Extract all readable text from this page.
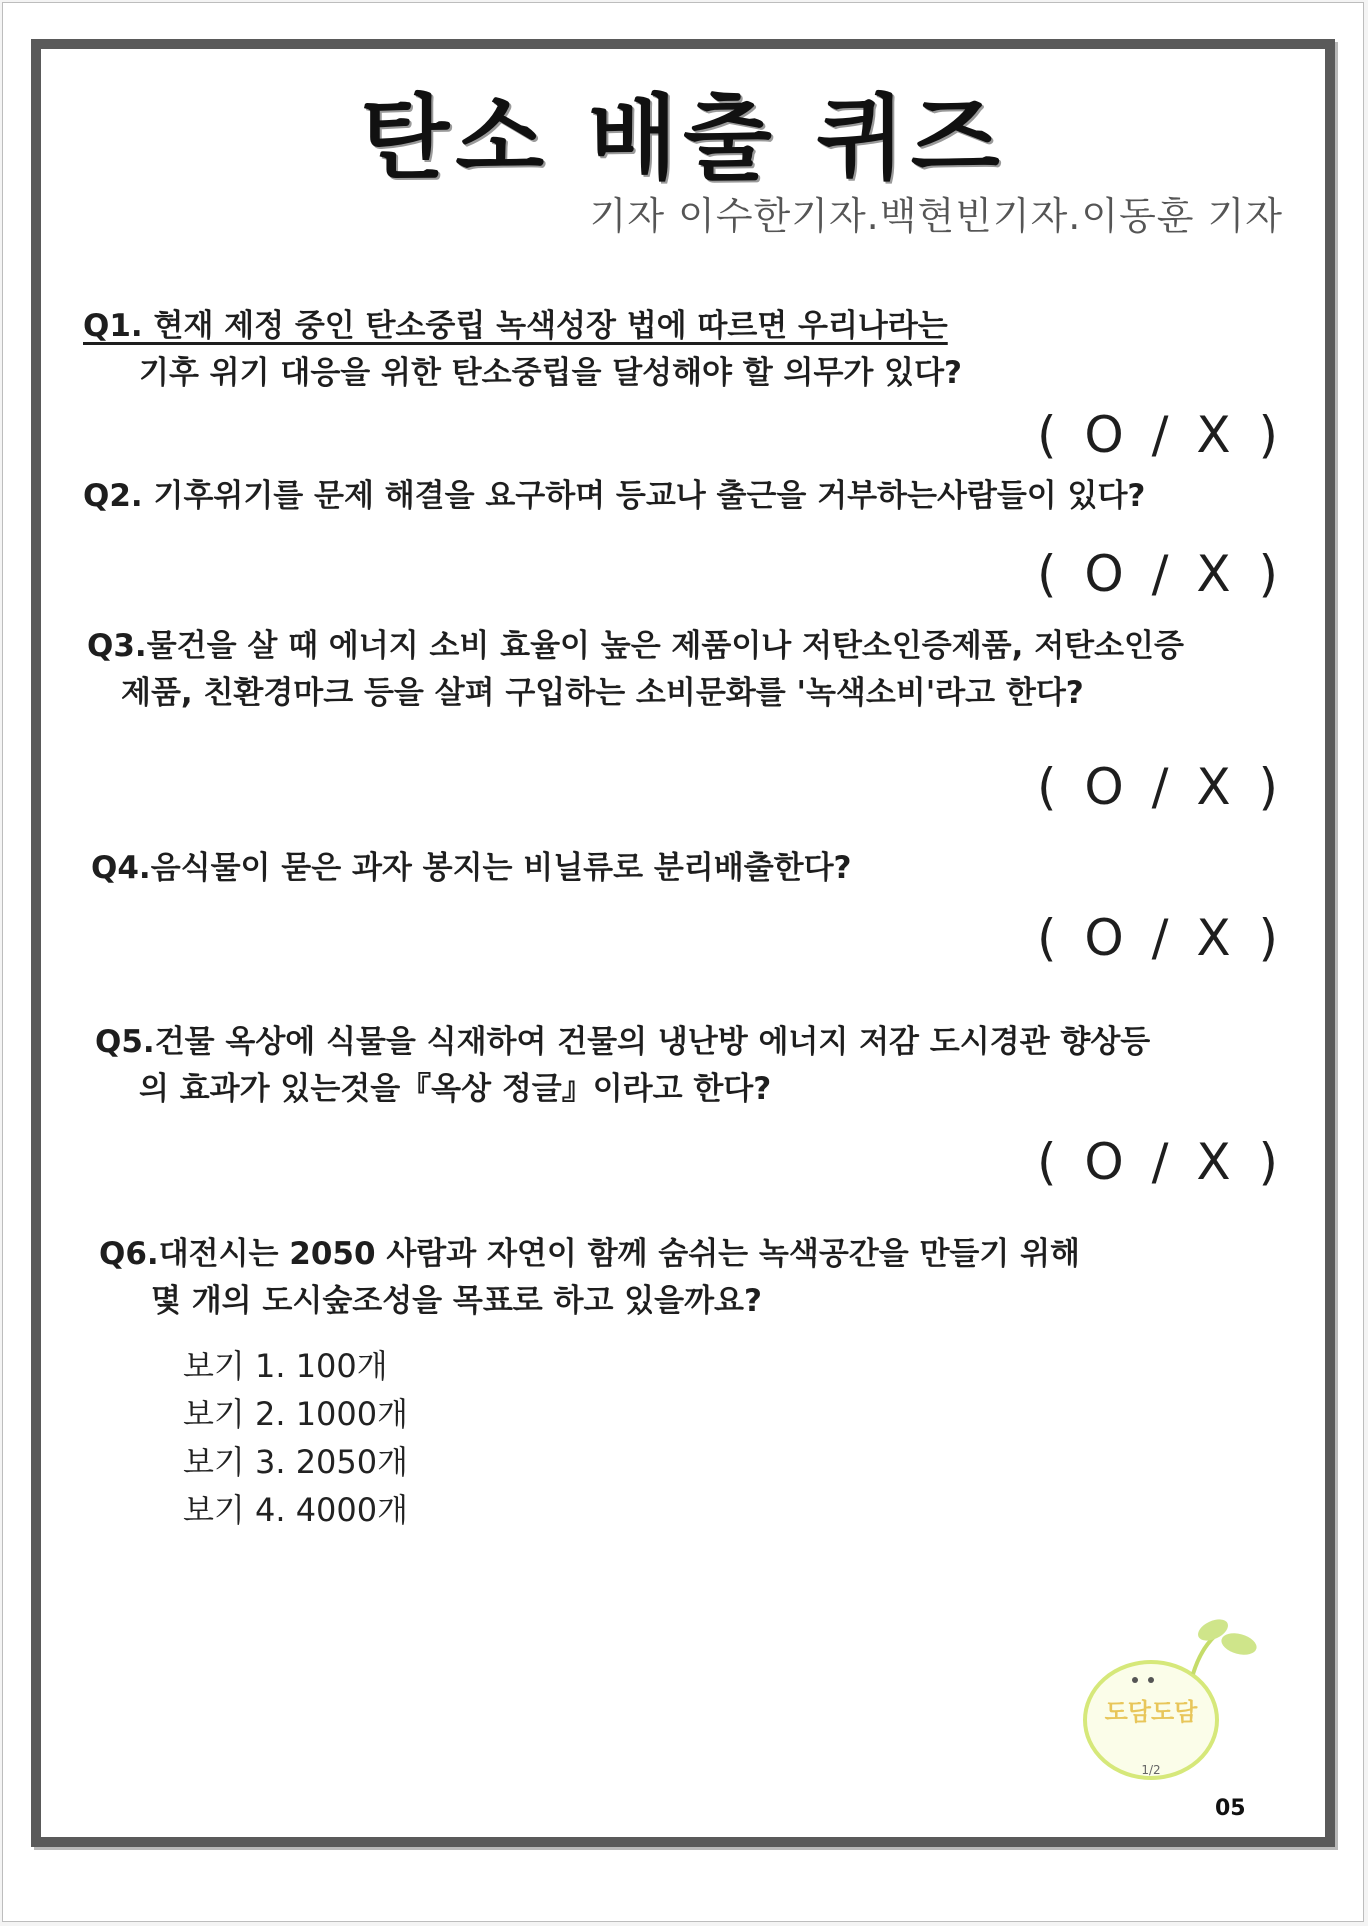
탄소 배출 퀴즈
기자 이수한기자.백현빈기자.이동훈 기자
Q1. 현재 제정 중인 탄소중립 녹색성장 법에 따르면 우리나라는
기후 위기 대응을 위한 탄소중립을 달성해야 할 의무가 있다?
( O / X )
Q2. 기후위기를 문제 해결을 요구하며 등교나 출근을 거부하는사람들이 있다?
( O / X )
Q3.물건을 살 때 에너지 소비 효율이 높은 제품이나 저탄소인증제품, 저탄소인증
제품, 친환경마크 등을 살펴 구입하는 소비문화를 '녹색소비'라고 한다?
( O / X )
Q4.음식물이 묻은 과자 봉지는 비닐류로 분리배출한다?
( O / X )
Q5.건물 옥상에 식물을 식재하여 건물의 냉난방 에너지 저감 도시경관 향상등
의 효과가 있는것을『옥상 정글』이라고 한다?
( O / X )
Q6.대전시는 2050 사람과 자연이 함께 숨쉬는 녹색공간을 만들기 위해
몇 개의 도시숲조성을 목표로 하고 있을까요?
보기 1. 100개
보기 2. 1000개
보기 3. 2050개
보기 4. 4000개
도담도담
1/2
05
